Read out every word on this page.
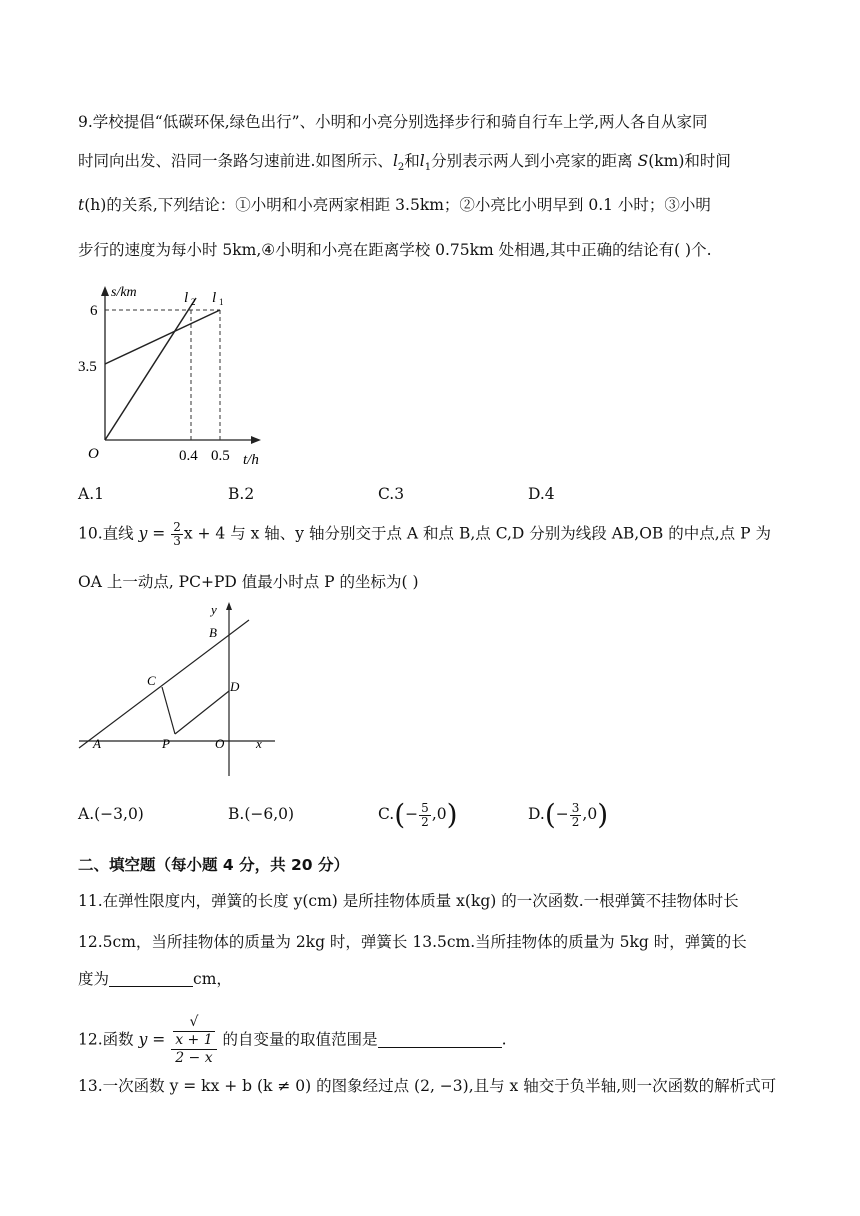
9.学校提倡“低碳环保,绿色出行”、小明和小亮分别选择步行和骑自行车上学,两人各自从家同
时同向出发、沿同一条路匀速前进.如图所示、$l_2$和$l_1$分别表示两人到小亮家的距离 S(km)和时间
t(h)的关系,下列结论：①小明和小亮两家相距 3.5km；②小亮比小明早到 0.1 小时；③小明
步行的速度为每小时 5km,④小明和小亮在距离学校 0.75km 处相遇,其中正确的结论有( )个.
s/km
6
3.5
O	0.4 0.5 t/h
l 2 l 1
A.1	B.2	C.3	D.4
10.直线 $y = \frac{2}{3}$ x + 4 与 x 轴、y 轴分别交于点 A 和点 B,点 C,D 分别为线段 AB,OB 的中点,点 P 为
OA 上一动点, PC+PD 值最小时点 P 的坐标为( )
y
B
C	D
A	P	O x
A.(−3,0)	B.(−6,0)	$C.(- \frac{5}{2} ,0)$	$D.(- \frac{3}{2} ,0)$
二、填空题（每小题 4 分，共 20 分）
11.在弹性限度内，弹簧的长度 y(cm) 是所挂物体质量 x(kg) 的一次函数.一根弹簧不挂物体时长
12.5cm，当所挂物体的质量为 2kg 时，弹簧长 13.5cm.当所挂物体的质量为 5kg 时，弹簧的长
度为	cm，
12.函数 y = √
x + 1
2 − x 的自变量的取值范围是	.
13.一次函数 y = kx + b (k ≠ 0) 的图象经过点 (2, −3),且与 x 轴交于负半轴,则一次函数的解析式可
